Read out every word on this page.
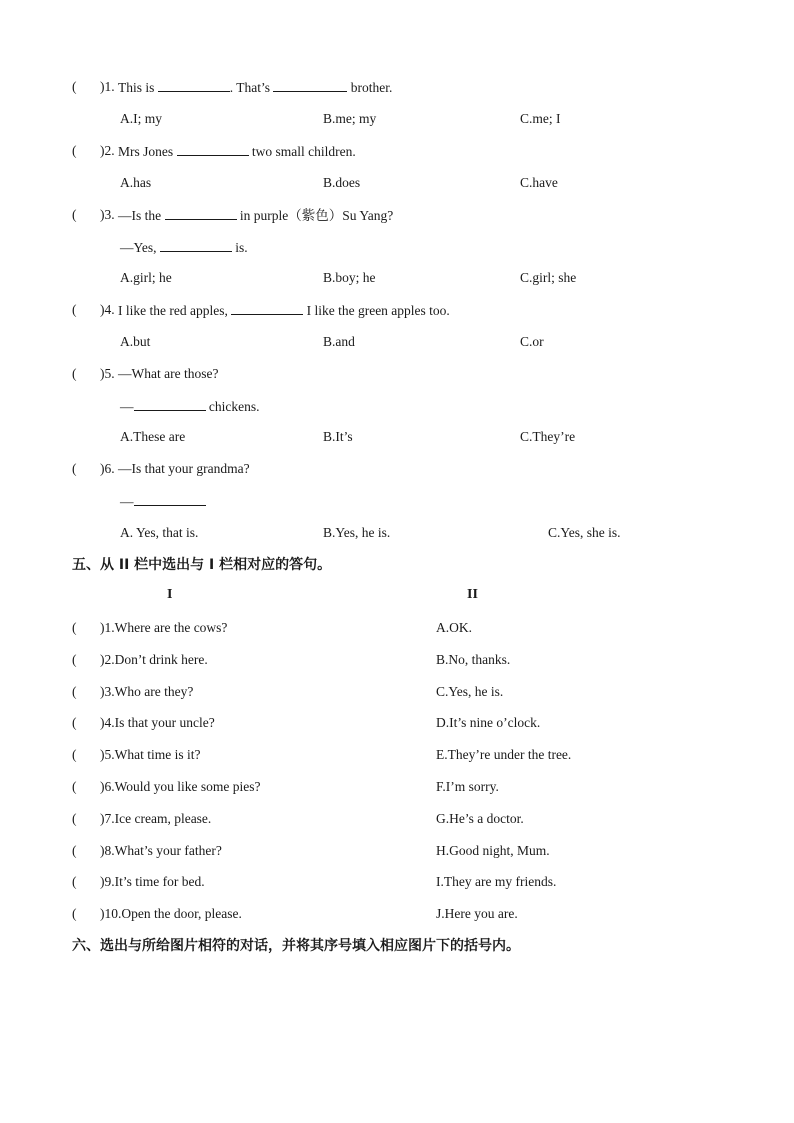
( )1. This is	. That’s	brother.
A.I; my	B.me; my	C.me; I
( )2. Mrs Jones	two small children.
A.has	B.does	C.have
( )3. —Is the	in purple（紫色）Su Yang?
—Yes,	is.
A.girl; he	B.boy; he	C.girl; she
( )4. I like the red apples,	I like the green apples too.
A.but	B.and	C.or
( )5. —What are those?
—	chickens.
A.These are	B.It’s	C.They’re
( )6. —Is that your grandma?
—
A. Yes, that is.	B.Yes, he is.	C.Yes, she is.
五、从 II 栏中选出与 I 栏相对应的答句。
I	II
( )1.Where are the cows?	A.OK.
( )2.Don’t drink here.	B.No, thanks.
( )3.Who are they?	C.Yes, he is.
( )4.Is that your uncle?	D.It’s nine o’clock.
( )5.What time is it?	E.They’re under the tree.
( )6.Would you like some pies?	F.I’m sorry.
( )7.Ice cream, please.	G.He’s a doctor.
( )8.What’s your father?	H.Good night, Mum.
( )9.It’s time for bed.	I.They are my friends.
( )10.Open the door, please.	J.Here you are.
六、选出与所给图片相符的对话，并将其序号填入相应图片下的括号内。
